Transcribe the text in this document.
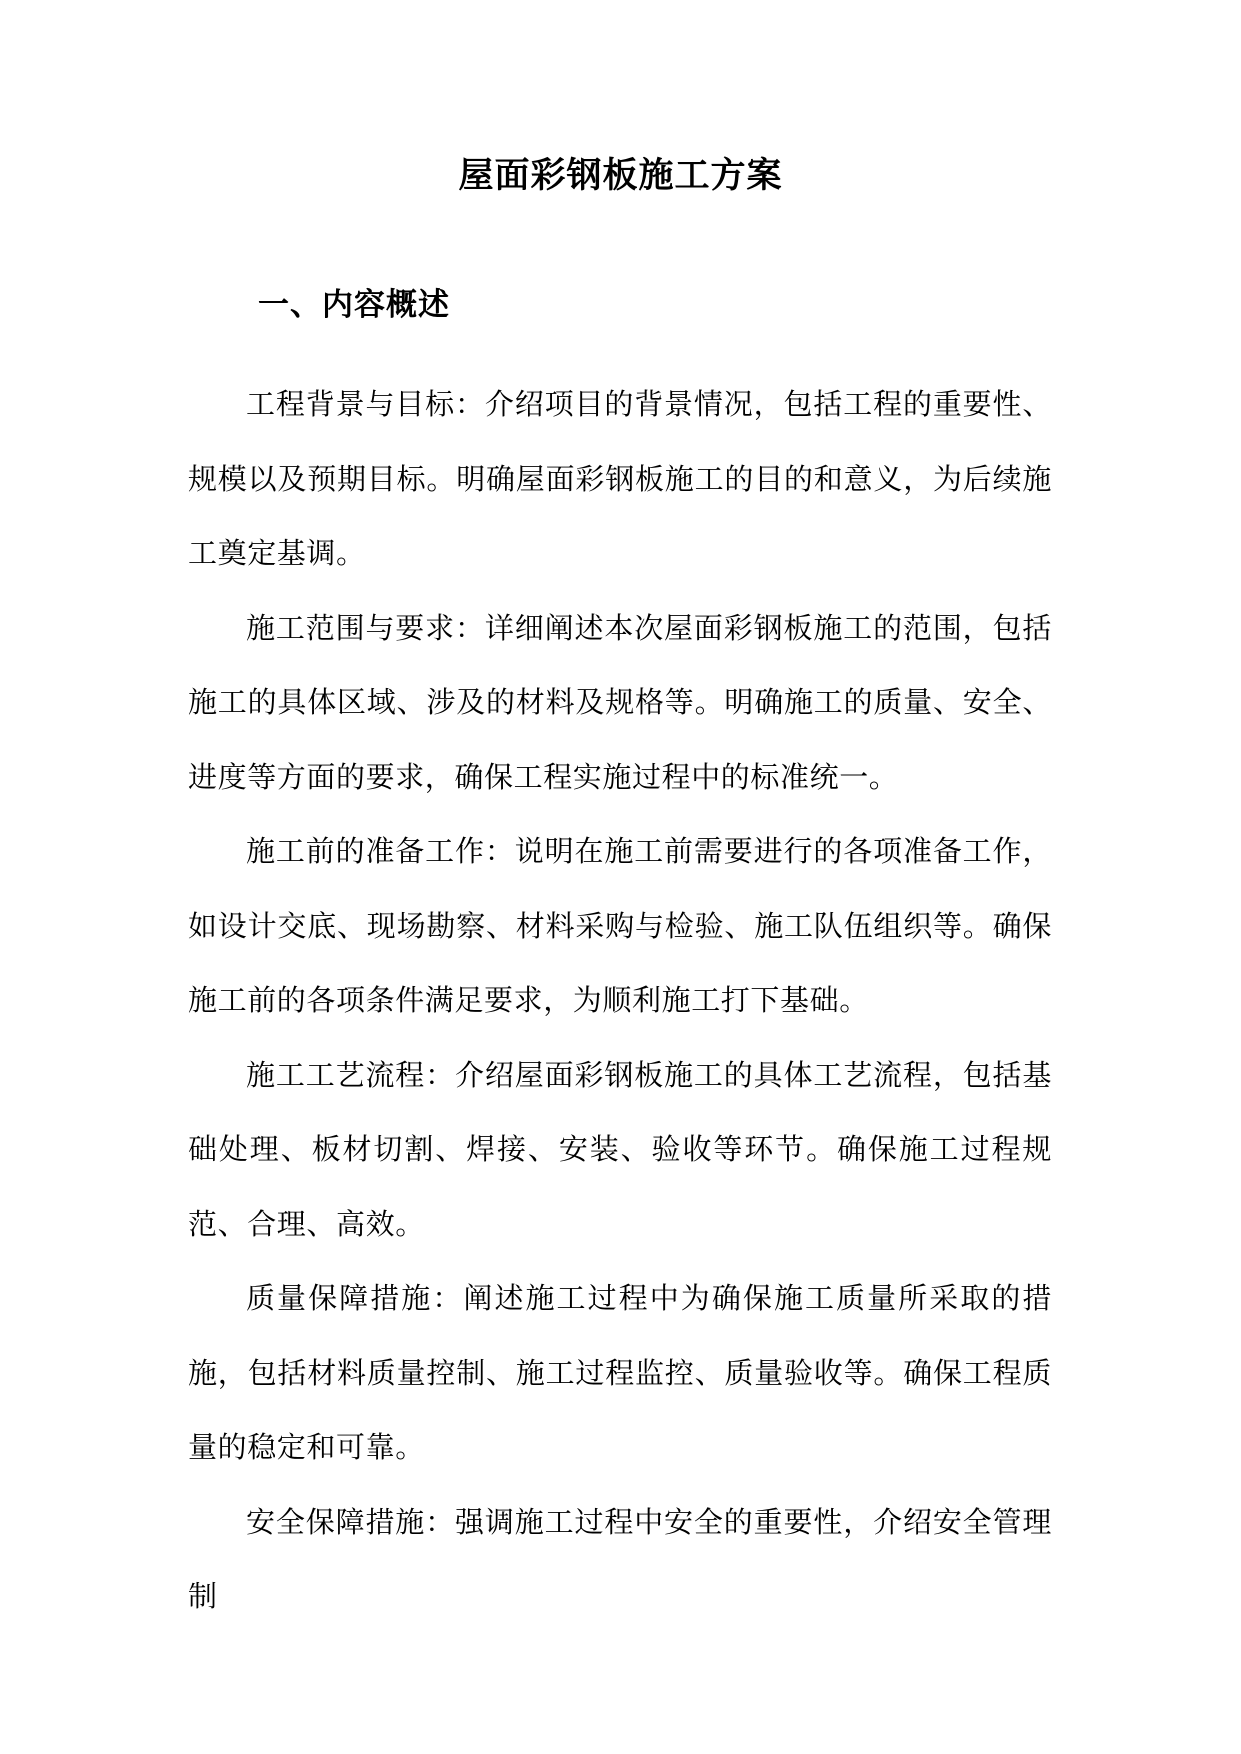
屋面彩钢板施工方案
一、内容概述

工程背景与目标：介绍项目的背景情况，包括工程的重要性、规模以及预期目标。明确屋面彩钢板施工的目的和意义，为后续施工奠定基调。

施工范围与要求：详细阐述本次屋面彩钢板施工的范围，包括施工的具体区域、涉及的材料及规格等。明确施工的质量、安全、进度等方面的要求，确保工程实施过程中的标准统一。

施工前的准备工作：说明在施工前需要进行的各项准备工作，如设计交底、现场勘察、材料采购与检验、施工队伍组织等。确保施工前的各项条件满足要求，为顺利施工打下基础。

施工工艺流程：介绍屋面彩钢板施工的具体工艺流程，包括基础处理、板材切割、焊接、安装、验收等环节。确保施工过程规范、合理、高效。

质量保障措施：阐述施工过程中为确保施工质量所采取的措施，包括材料质量控制、施工过程监控、质量验收等。确保工程质量的稳定和可靠。

安全保障措施：强调施工过程中安全的重要性，介绍安全管理制
